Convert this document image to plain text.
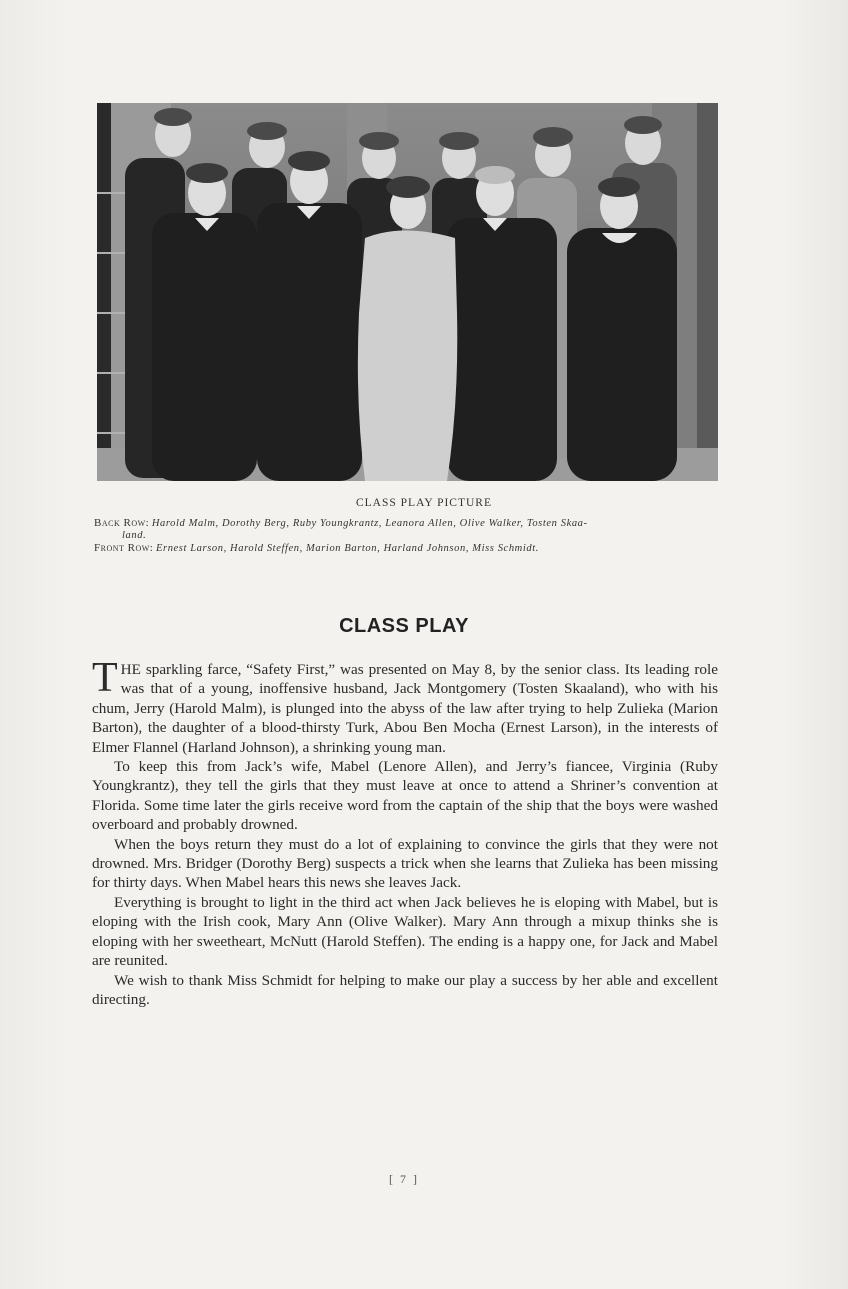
CLASS PLAY PICTURE
Back Row: Harold Malm, Dorothy Berg, Ruby Youngkrantz, Leanora Allen, Olive Walker, Tosten Skaa-
land.
Front Row: Ernest Larson, Harold Steffen, Marion Barton, Harland Johnson, Miss Schmidt.
CLASS PLAY

THE sparkling farce, “Safety First,” was presented on May 8, by the senior class. Its leading role was that of a young, inoffensive husband, Jack Montgomery (Tosten Skaaland), who with his chum, Jerry (Harold Malm), is plunged into the abyss of the law after trying to help Zulieka (Marion Barton), the daughter of a blood-thirsty Turk, Abou Ben Mocha (Ernest Larson), in the interests of Elmer Flannel (Harland Johnson), a shrinking young man.

To keep this from Jack’s wife, Mabel (Lenore Allen), and Jerry’s fiancee, Virginia (Ruby Youngkrantz), they tell the girls that they must leave at once to attend a Shriner’s convention at Florida. Some time later the girls receive word from the captain of the ship that the boys were washed overboard and probably drowned.

When the boys return they must do a lot of explaining to convince the girls that they were not drowned. Mrs. Bridger (Dorothy Berg) suspects a trick when she learns that Zulieka has been missing for thirty days. When Mabel hears this news she leaves Jack.

Everything is brought to light in the third act when Jack believes he is eloping with Mabel, but is eloping with the Irish cook, Mary Ann (Olive Walker). Mary Ann through a mixup thinks she is eloping with her sweetheart, McNutt (Harold Steffen). The ending is a happy one, for Jack and Mabel are reunited.

We wish to thank Miss Schmidt for helping to make our play a success by her able and excellent directing.

[ 7 ]
